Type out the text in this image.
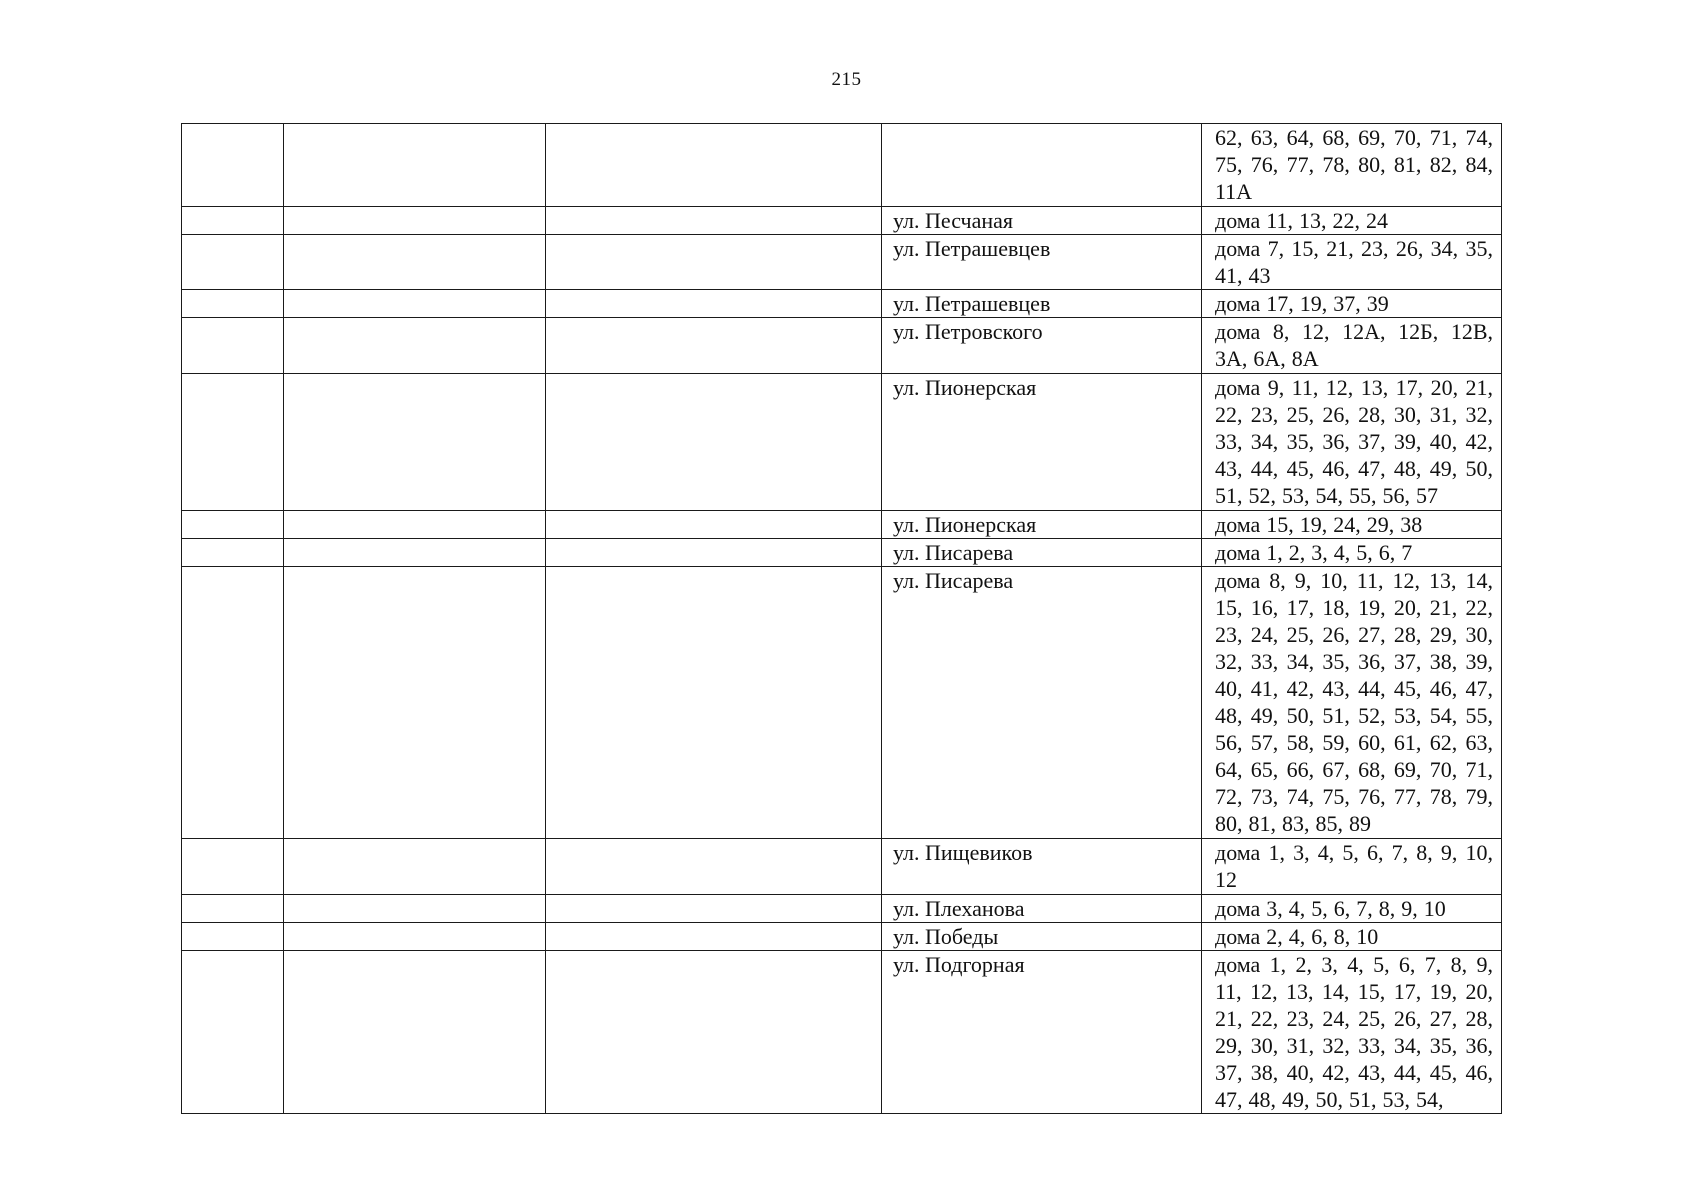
215
				62, 63, 64, 68, 69, 70, 71, 74, 75, 76, 77, 78, 80, 81, 82, 84, 11А
			ул. Песчаная	дома 11, 13, 22, 24
			ул. Петрашевцев	дома 7, 15, 21, 23, 26, 34, 35, 41, 43
			ул. Петрашевцев	дома 17, 19, 37, 39
			ул. Петровского	дома 8, 12, 12А, 12Б, 12В, 3А, 6А, 8А
			ул. Пионерская	дома 9, 11, 12, 13, 17, 20, 21, 22, 23, 25, 26, 28, 30, 31, 32, 33, 34, 35, 36, 37, 39, 40, 42, 43, 44, 45, 46, 47, 48, 49, 50, 51, 52, 53, 54, 55, 56, 57
			ул. Пионерская	дома 15, 19, 24, 29, 38
			ул. Писарева	дома 1, 2, 3, 4, 5, 6, 7
			ул. Писарева	дома 8, 9, 10, 11, 12, 13, 14, 15, 16, 17, 18, 19, 20, 21, 22, 23, 24, 25, 26, 27, 28, 29, 30, 32, 33, 34, 35, 36, 37, 38, 39, 40, 41, 42, 43, 44, 45, 46, 47, 48, 49, 50, 51, 52, 53, 54, 55, 56, 57, 58, 59, 60, 61, 62, 63, 64, 65, 66, 67, 68, 69, 70, 71, 72, 73, 74, 75, 76, 77, 78, 79, 80, 81, 83, 85, 89
			ул. Пищевиков	дома 1, 3, 4, 5, 6, 7, 8, 9, 10, 12
			ул. Плеханова	дома 3, 4, 5, 6, 7, 8, 9, 10
			ул. Победы	дома 2, 4, 6, 8, 10
			ул. Подгорная	дома 1, 2, 3, 4, 5, 6, 7, 8, 9, 11, 12, 13, 14, 15, 17, 19, 20, 21, 22, 23, 24, 25, 26, 27, 28, 29, 30, 31, 32, 33, 34, 35, 36, 37, 38, 40, 42, 43, 44, 45, 46, 47, 48, 49, 50, 51, 53, 54,
